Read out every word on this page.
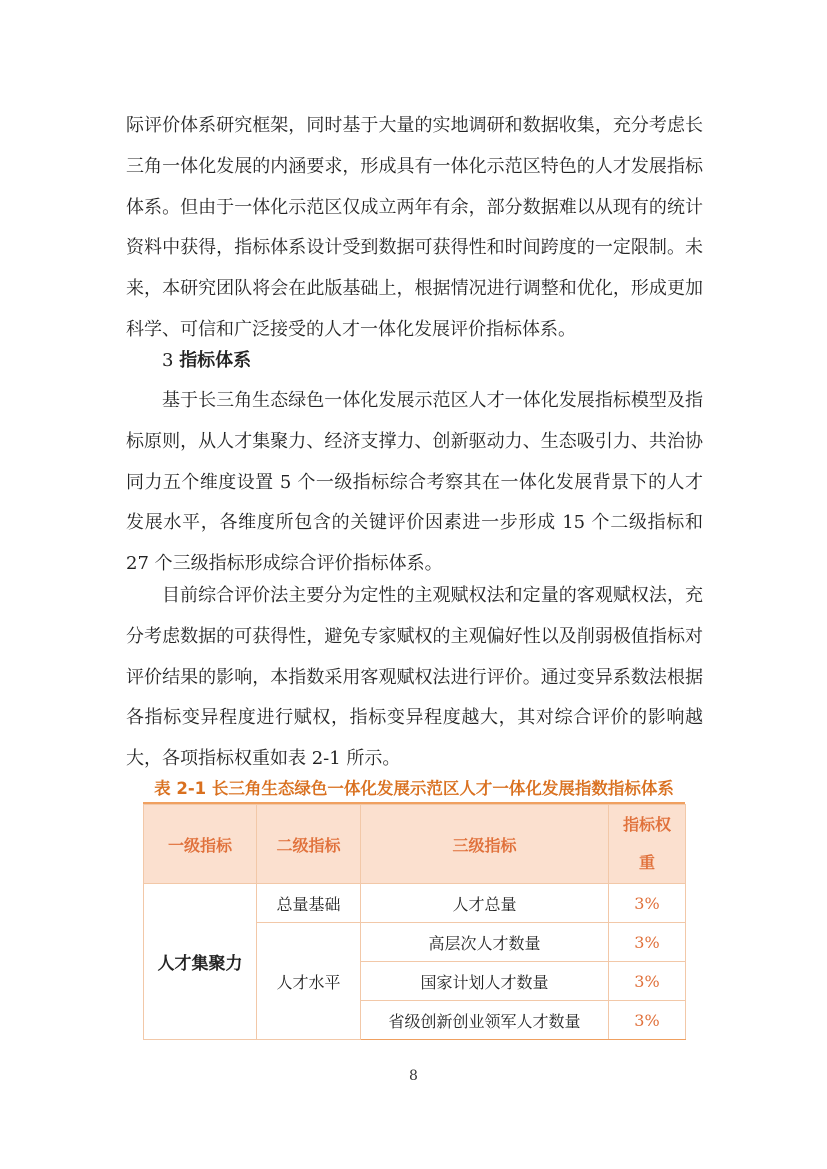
际评价体系研究框架，同时基于大量的实地调研和数据收集，充分考虑长三角一体化发展的内涵要求，形成具有一体化示范区特色的人才发展指标体系。但由于一体化示范区仅成立两年有余，部分数据难以从现有的统计资料中获得，指标体系设计受到数据可获得性和时间跨度的一定限制。未来，本研究团队将会在此版基础上，根据情况进行调整和优化，形成更加科学、可信和广泛接受的人才一体化发展评价指标体系。

3 指标体系

基于长三角生态绿色一体化发展示范区人才一体化发展指标模型及指标原则，从人才集聚力、经济支撑力、创新驱动力、生态吸引力、共治协同力五个维度设置 5 个一级指标综合考察其在一体化发展背景下的人才发展水平，各维度所包含的关键评价因素进一步形成 15 个二级指标和 27 个三级指标形成综合评价指标体系。

目前综合评价法主要分为定性的主观赋权法和定量的客观赋权法，充分考虑数据的可获得性，避免专家赋权的主观偏好性以及削弱极值指标对评价结果的影响，本指数采用客观赋权法进行评价。通过变异系数法根据各指标变异程度进行赋权，指标变异程度越大，其对综合评价的影响越大，各项指标权重如表 2-1 所示。

表 2-1 长三角生态绿色一体化发展示范区人才一体化发展指数指标体系
一级指标	二级指标	三级指标	指标权
重

人才集聚力	总量基础	人才总量	3%
	人才水平	高层次人才数量	3%
		国家计划人才数量	3%
		省级创新创业领军人才数量	3%
8
